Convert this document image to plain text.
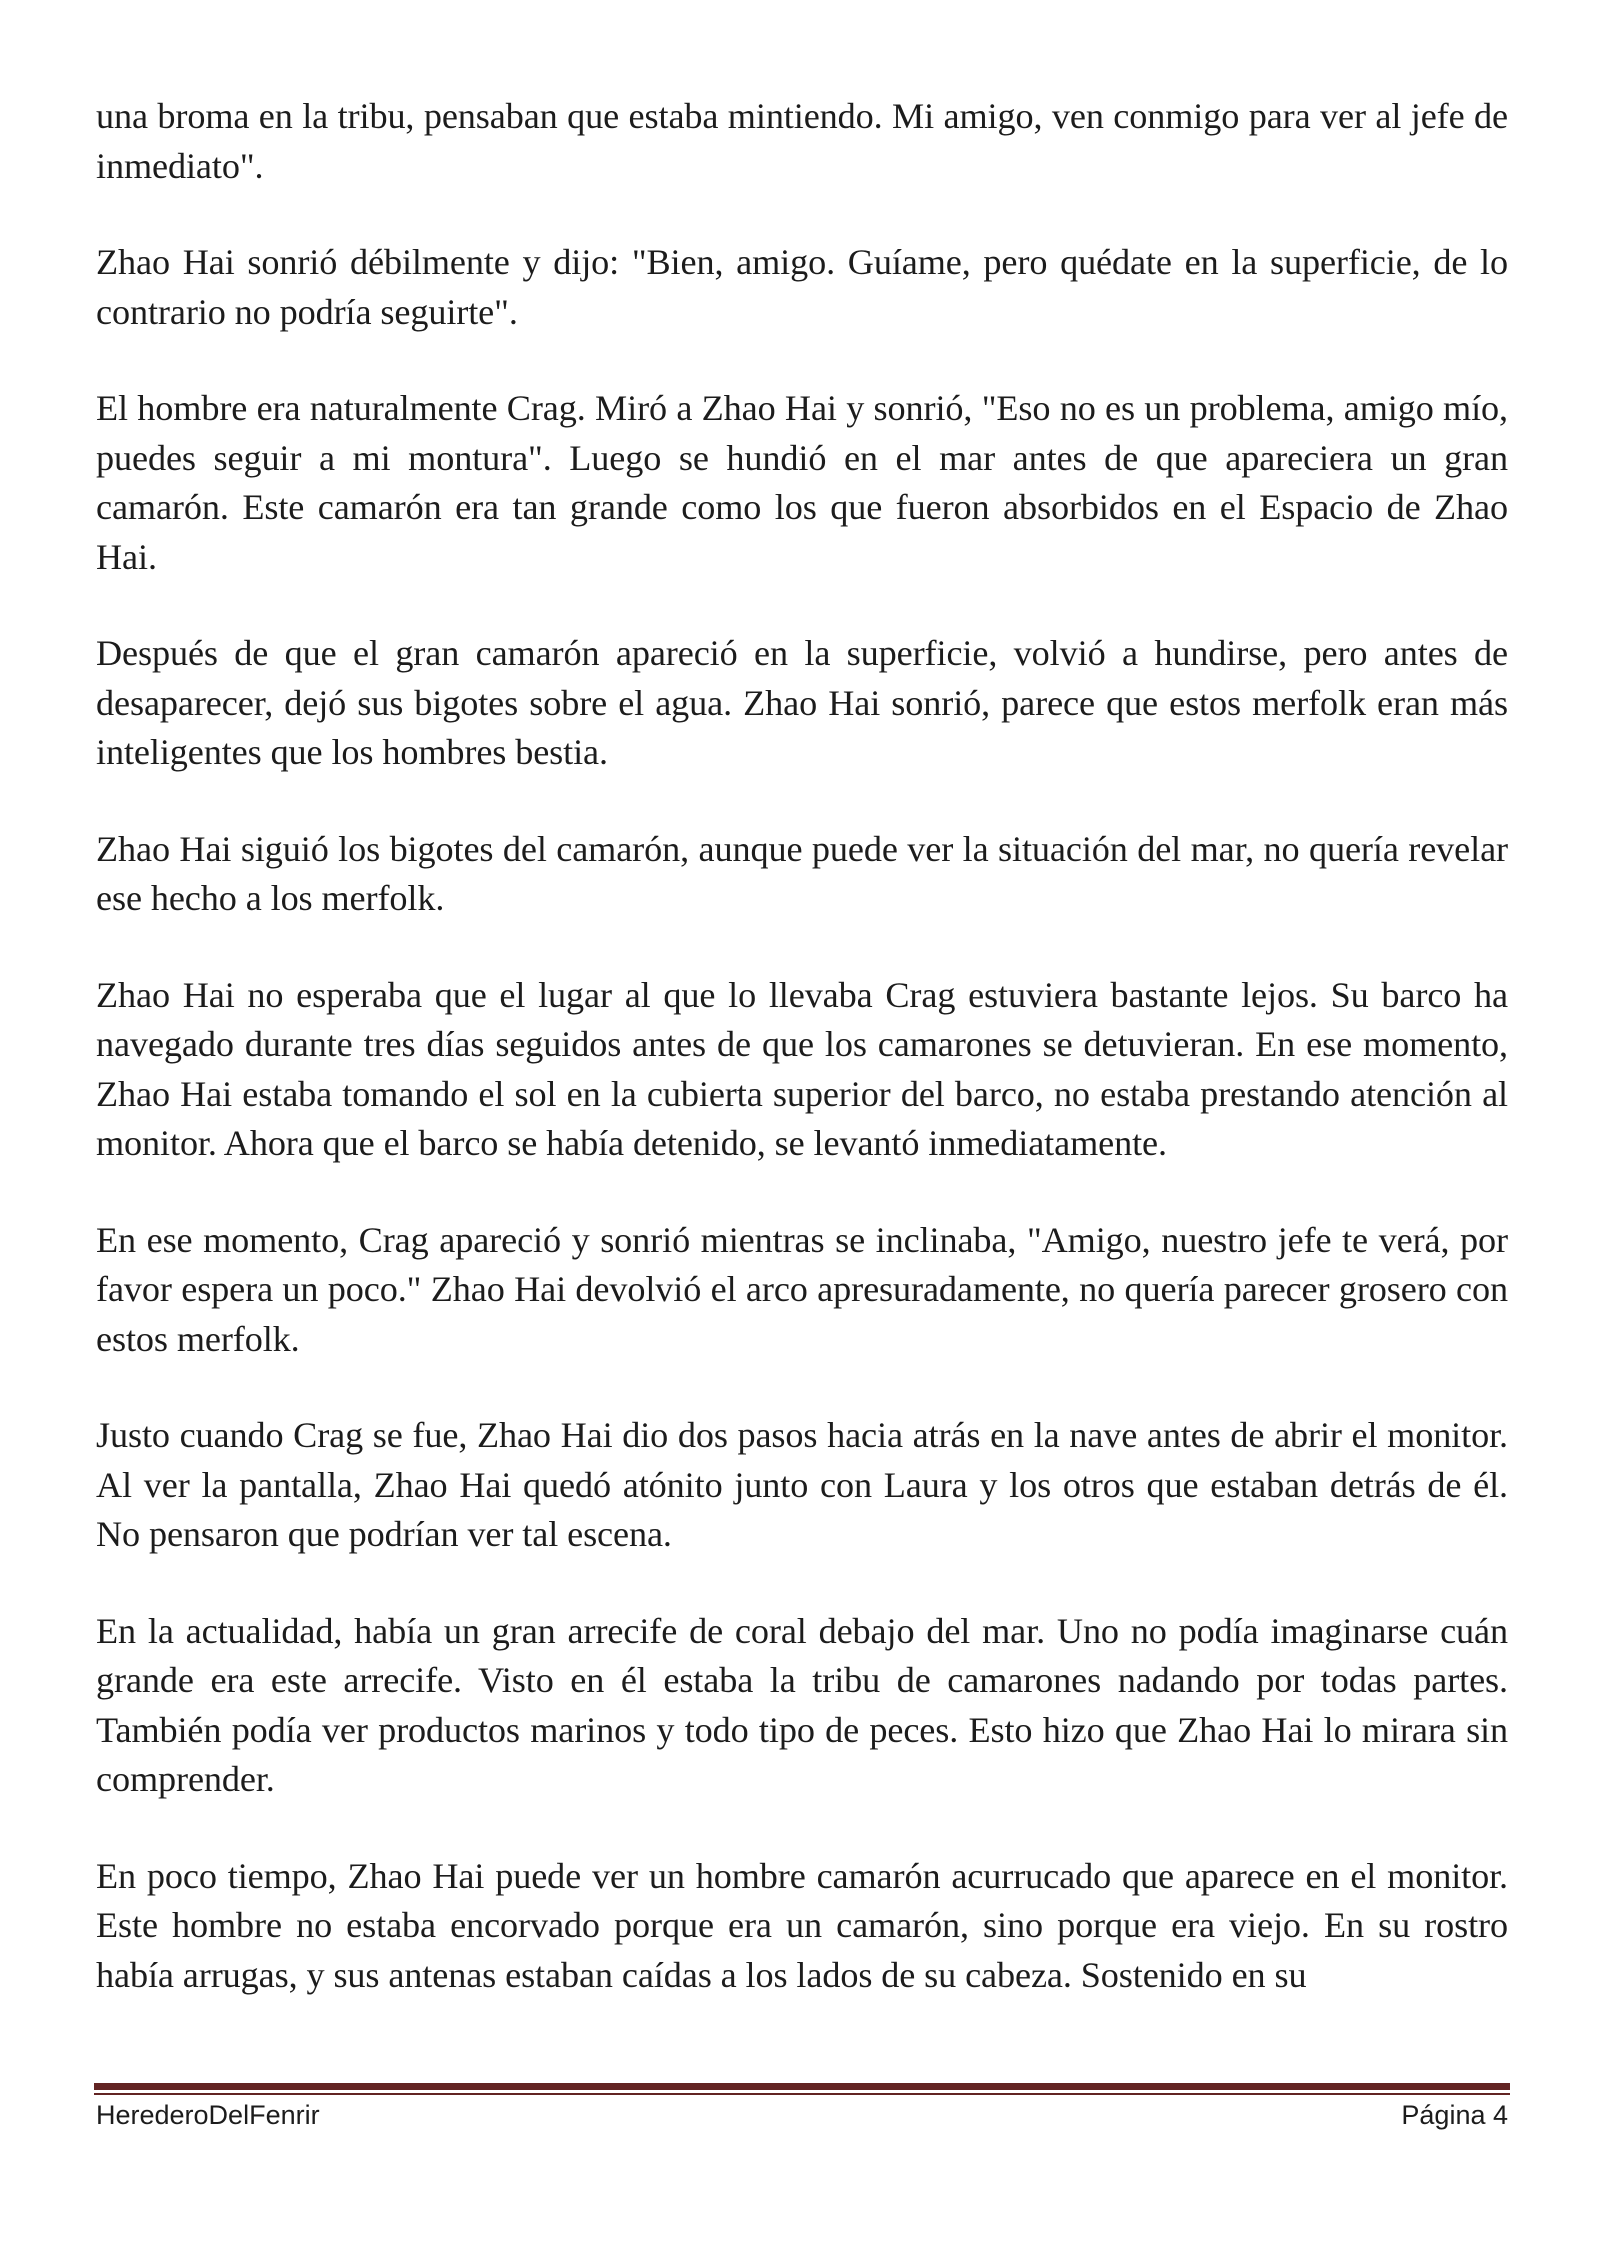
una broma en la tribu, pensaban que estaba mintiendo. Mi amigo, ven conmigo para ver al jefe de inmediato".

Zhao Hai sonrió débilmente y dijo: "Bien, amigo. Guíame, pero quédate en la superficie, de lo contrario no podría seguirte".

El hombre era naturalmente Crag. Miró a Zhao Hai y sonrió, "Eso no es un problema, amigo mío, puedes seguir a mi montura". Luego se hundió en el mar antes de que apareciera un gran camarón. Este camarón era tan grande como los que fueron absorbidos en el Espacio de Zhao Hai.

Después de que el gran camarón apareció en la superficie, volvió a hundirse, pero antes de desaparecer, dejó sus bigotes sobre el agua. Zhao Hai sonrió, parece que estos merfolk eran más inteligentes que los hombres bestia.

Zhao Hai siguió los bigotes del camarón, aunque puede ver la situación del mar, no quería revelar ese hecho a los merfolk.

Zhao Hai no esperaba que el lugar al que lo llevaba Crag estuviera bastante lejos. Su barco ha navegado durante tres días seguidos antes de que los camarones se detuvieran. En ese momento, Zhao Hai estaba tomando el sol en la cubierta superior del barco, no estaba prestando atención al monitor. Ahora que el barco se había detenido, se levantó inmediatamente.

En ese momento, Crag apareció y sonrió mientras se inclinaba, "Amigo, nuestro jefe te verá, por favor espera un poco." Zhao Hai devolvió el arco apresuradamente, no quería parecer grosero con estos merfolk.

Justo cuando Crag se fue, Zhao Hai dio dos pasos hacia atrás en la nave antes de abrir el monitor. Al ver la pantalla, Zhao Hai quedó atónito junto con Laura y los otros que estaban detrás de él. No pensaron que podrían ver tal escena.

En la actualidad, había un gran arrecife de coral debajo del mar. Uno no podía imaginarse cuán grande era este arrecife. Visto en él estaba la tribu de camarones nadando por todas partes. También podía ver productos marinos y todo tipo de peces. Esto hizo que Zhao Hai lo mirara sin comprender.

En poco tiempo, Zhao Hai puede ver un hombre camarón acurrucado que aparece en el monitor. Este hombre no estaba encorvado porque era un camarón, sino porque era viejo. En su rostro había arrugas, y sus antenas estaban caídas a los lados de su cabeza. Sostenido en su

HerederoDelFenrir	Página 4
